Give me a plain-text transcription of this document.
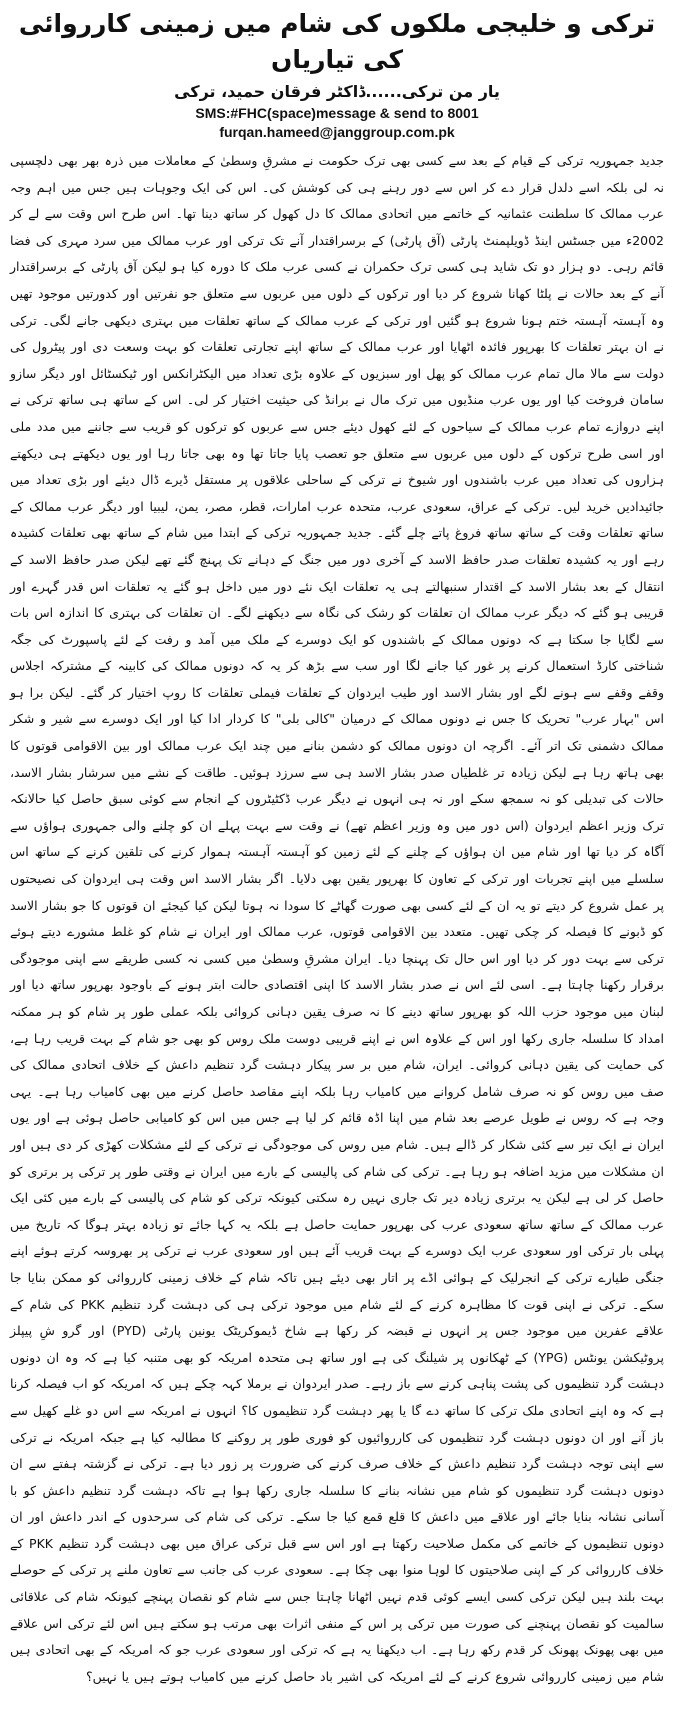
ترکی و خلیجی ملکوں کی شام میں زمینی کارروائی کی تیاریاں

یار من ترکی......ڈاکٹر فرقان حمید، ترکی

SMS:#FHC(space)message & send to 8001

furqan.hameed@janggroup.com.pk

جدید جمہوریہ ترکی کے قیام کے بعد سے کسی بھی ترک حکومت نے مشرقِ وسطیٰ کے معاملات میں ذرہ بھر بھی دلچسپی نہ لی بلکہ اسے دلدل قرار دے کر اس سے دور رہنے ہی کی کوشش کی۔ اس کی ایک وجوہات ہیں جس میں اہم وجہ عرب ممالک کا سلطنت عثمانیہ کے خاتمے میں اتحادی ممالک کا دل کھول کر ساتھ دینا تھا۔ اس طرح اس وقت سے لے کر 2002ء میں جسٹس اینڈ ڈویلپمنٹ پارٹی (آق پارٹی) کے برسراقتدار آنے تک ترکی اور عرب ممالک میں سرد مہری کی فضا قائم رہی۔ دو ہزار دو تک شاید ہی کسی ترک حکمران نے کسی عرب ملک کا دورہ کیا ہو لیکن آق پارٹی کے برسراقتدار آنے کے بعد حالات نے پلٹا کھانا شروع کر دیا اور ترکوں کے دلوں میں عربوں سے متعلق جو نفرتیں اور کدورتیں موجود تھیں وہ آہستہ آہستہ ختم ہونا شروع ہو گئیں اور ترکی کے عرب ممالک کے ساتھ تعلقات میں بہتری دیکھی جانے لگی۔ ترکی نے ان بہتر تعلقات کا بھرپور فائدہ اٹھایا اور عرب ممالک کے ساتھ اپنے تجارتی تعلقات کو بہت وسعت دی اور پیٹرول کی دولت سے مالا مال تمام عرب ممالک کو پھل اور سبزیوں کے علاوہ بڑی تعداد میں الیکٹرانکس اور ٹیکسٹائل اور دیگر سازو سامان فروخت کیا اور یوں عرب منڈیوں میں ترک مال نے برانڈ کی حیثیت اختیار کر لی۔ اس کے ساتھ ہی ساتھ ترکی نے اپنے دروازے تمام عرب ممالک کے سیاحوں کے لئے کھول دیئے جس سے عربوں کو ترکوں کو قریب سے جاننے میں مدد ملی اور اسی طرح ترکوں کے دلوں میں عربوں سے متعلق جو تعصب پایا جاتا تھا وہ بھی جاتا رہا اور یوں دیکھتے ہی دیکھتے ہزاروں کی تعداد میں عرب باشندوں اور شیوخ نے ترکی کے ساحلی علاقوں پر مستقل ڈیرے ڈال دیئے اور بڑی تعداد میں جائیدادیں خرید لیں۔ ترکی کے عراق، سعودی عرب، متحدہ عرب امارات، قطر، مصر، یمن، لیبیا اور دیگر عرب ممالک کے ساتھ تعلقات وقت کے ساتھ ساتھ فروغ پاتے چلے گئے۔ جدید جمہوریہ ترکی کے ابتدا میں شام کے ساتھ بھی تعلقات کشیدہ رہے اور یہ کشیدہ تعلقات صدر حافظ الاسد کے آخری دور میں جنگ کے دہانے تک پہنچ گئے تھے لیکن صدر حافظ الاسد کے انتقال کے بعد بشار الاسد کے اقتدار سنبھالتے ہی یہ تعلقات ایک نئے دور میں داخل ہو گئے یہ تعلقات اس قدر گہرے اور قریبی ہو گئے کہ دیگر عرب ممالک ان تعلقات کو رشک کی نگاہ سے دیکھنے لگے۔ ان تعلقات کی بہتری کا اندازہ اس بات سے لگایا جا سکتا ہے کہ دونوں ممالک کے باشندوں کو ایک دوسرے کے ملک میں آمد و رفت کے لئے پاسپورٹ کی جگہ شناختی کارڈ استعمال کرنے پر غور کیا جانے لگا اور سب سے بڑھ کر یہ کہ دونوں ممالک کی کابینہ کے مشترکہ اجلاس وقفے وقفے سے ہونے لگے اور بشار الاسد اور طیب ایردوان کے تعلقات فیملی تعلقات کا روپ اختیار کر گئے۔ لیکن برا ہو اس "بہار عرب" تحریک کا جس نے دونوں ممالک کے درمیان "کالی بلی" کا کردار ادا کیا اور ایک دوسرے سے شیر و شکر ممالک دشمنی تک اتر آئے۔ اگرچہ ان دونوں ممالک کو دشمن بنانے میں چند ایک عرب ممالک اور بین الاقوامی قوتوں کا بھی ہاتھ رہا ہے لیکن زیادہ تر غلطیاں صدر بشار الاسد ہی سے سرزد ہوئیں۔ طاقت کے نشے میں سرشار بشار الاسد، حالات کی تبدیلی کو نہ سمجھ سکے اور نہ ہی انہوں نے دیگر عرب ڈکٹیٹروں کے انجام سے کوئی سبق حاصل کیا حالانکہ ترک وزیر اعظم ایردوان (اس دور میں وہ وزیر اعظم تھے) نے وقت سے بہت پہلے ان کو چلنے والی جمہوری ہواؤں سے آگاہ کر دیا تھا اور شام میں ان ہواؤں کے چلنے کے لئے زمین کو آہستہ آہستہ ہموار کرنے کی تلقین کرنے کے ساتھ اس سلسلے میں اپنے تجربات اور ترکی کے تعاون کا بھرپور یقین بھی دلایا۔ اگر بشار الاسد اس وقت ہی ایردوان کی نصیحتوں پر عمل شروع کر دیتے تو یہ ان کے لئے کسی بھی صورت گھاٹے کا سودا نہ ہوتا لیکن کیا کیجئے ان قوتوں کا جو بشار الاسد کو ڈبونے کا فیصلہ کر چکی تھیں۔ متعدد بین الاقوامی قوتوں، عرب ممالک اور ایران نے شام کو غلط مشورے دیتے ہوئے ترکی سے بہت دور کر دیا اور اس حال تک پہنچا دیا۔ ایران مشرقِ وسطیٰ میں کسی نہ کسی طریقے سے اپنی موجودگی برقرار رکھنا چاہتا ہے۔ اسی لئے اس نے صدر بشار الاسد کا اپنی اقتصادی حالت ابتر ہونے کے باوجود بھرپور ساتھ دیا اور لبنان میں موجود حزب اللہ کو بھرپور ساتھ دینے کا نہ صرف یقین دہانی کروائی بلکہ عملی طور پر شام کو ہر ممکنہ امداد کا سلسلہ جاری رکھا اور اس کے علاوہ اس نے اپنے قریبی دوست ملک روس کو بھی جو شام کے بہت قریب رہا ہے، کی حمایت کی یقین دہانی کروائی۔ ایران، شام میں بر سر پیکار دہشت گرد تنظیم داعش کے خلاف اتحادی ممالک کی صف میں روس کو نہ صرف شامل کروانے میں کامیاب رہا بلکہ اپنے مقاصد حاصل کرنے میں بھی کامیاب رہا ہے۔ یہی وجہ ہے کہ روس نے طویل عرصے بعد شام میں اپنا اڈہ قائم کر لیا ہے جس میں اس کو کامیابی حاصل ہوئی ہے اور یوں ایران نے ایک تیر سے کئی شکار کر ڈالے ہیں۔ شام میں روس کی موجودگی نے ترکی کے لئے مشکلات کھڑی کر دی ہیں اور ان مشکلات میں مزید اضافہ ہو رہا ہے۔ ترکی کی شام کی پالیسی کے بارے میں ایران نے وقتی طور پر ترکی پر برتری کو حاصل کر لی ہے لیکن یہ برتری زیادہ دیر تک جاری نہیں رہ سکتی کیونکہ ترکی کو شام کی پالیسی کے بارے میں کئی ایک عرب ممالک کے ساتھ ساتھ سعودی عرب کی بھرپور حمایت حاصل ہے بلکہ یہ کہا جائے تو زیادہ بہتر ہوگا کہ تاریخ میں پہلی بار ترکی اور سعودی عرب ایک دوسرے کے بہت قریب آئے ہیں اور سعودی عرب نے ترکی پر بھروسہ کرتے ہوئے اپنے جنگی طیارے ترکی کے انجرلیک کے ہوائی اڈے پر اتار بھی دیئے ہیں تاکہ شام کے خلاف زمینی کارروائی کو ممکن بنایا جا سکے۔ ترکی نے اپنی قوت کا مظاہرہ کرنے کے لئے شام میں موجود ترکی ہی کی دہشت گرد تنظیم PKK کی شام کے علاقے عفرین میں موجود جس پر انہوں نے قبضہ کر رکھا ہے شاخ ڈیموکریٹک یونین پارٹی (PYD) اور گرو شِ پیپلز پروٹیکشن یونٹس (YPG) کے ٹھکانوں پر شیلنگ کی ہے اور ساتھ ہی متحدہ امریکہ کو بھی متنبہ کیا ہے کہ وہ ان دونوں دہشت گرد تنظیموں کی پشت پناہی کرنے سے باز رہے۔ صدر ایردوان نے برملا کہہ چکے ہیں کہ امریکہ کو اب فیصلہ کرنا ہے کہ وہ اپنے اتحادی ملک ترکی کا ساتھ دے گا یا پھر دہشت گرد تنظیموں کا؟ انہوں نے امریکہ سے اس دو غلے کھیل سے باز آنے اور ان دونوں دہشت گرد تنظیموں کی کارروائیوں کو فوری طور پر روکنے کا مطالبہ کیا ہے جبکہ امریکہ نے ترکی سے اپنی توجہ دہشت گرد تنظیم داعش کے خلاف صرف کرنے کی ضرورت پر زور دیا ہے۔ ترکی نے گزشتہ ہفتے سے ان دونوں دہشت گرد تنظیموں کو شام میں نشانہ بنانے کا سلسلہ جاری رکھا ہوا ہے تاکہ دہشت گرد تنظیم داعش کو با آسانی نشانہ بنایا جائے اور علاقے میں داعش کا قلع قمع کیا جا سکے۔ ترکی کی شام کی سرحدوں کے اندر داعش اور ان دونوں تنظیموں کے خاتمے کی مکمل صلاحیت رکھتا ہے اور اس سے قبل ترکی عراق میں بھی دہشت گرد تنظیم PKK کے خلاف کارروائی کر کے اپنی صلاحیتوں کا لوہا منوا بھی چکا ہے۔ سعودی عرب کی جانب سے تعاون ملنے پر ترکی کے حوصلے بہت بلند ہیں لیکن ترکی کسی ایسے کوئی قدم نہیں اٹھانا چاہتا جس سے شام کو نقصان پہنچے کیونکہ شام کی علاقائی سالمیت کو نقصان پہنچنے کی صورت میں ترکی پر اس کے منفی اثرات بھی مرتب ہو سکتے ہیں اس لئے ترکی اس علاقے میں بھی پھونک پھونک کر قدم رکھ رہا ہے۔ اب دیکھنا یہ ہے کہ ترکی اور سعودی عرب جو کہ امریکہ کے بھی اتحادی ہیں شام میں زمینی کارروائی شروع کرنے کے لئے امریکہ کی اشیر باد حاصل کرنے میں کامیاب ہوتے ہیں یا نہیں؟
